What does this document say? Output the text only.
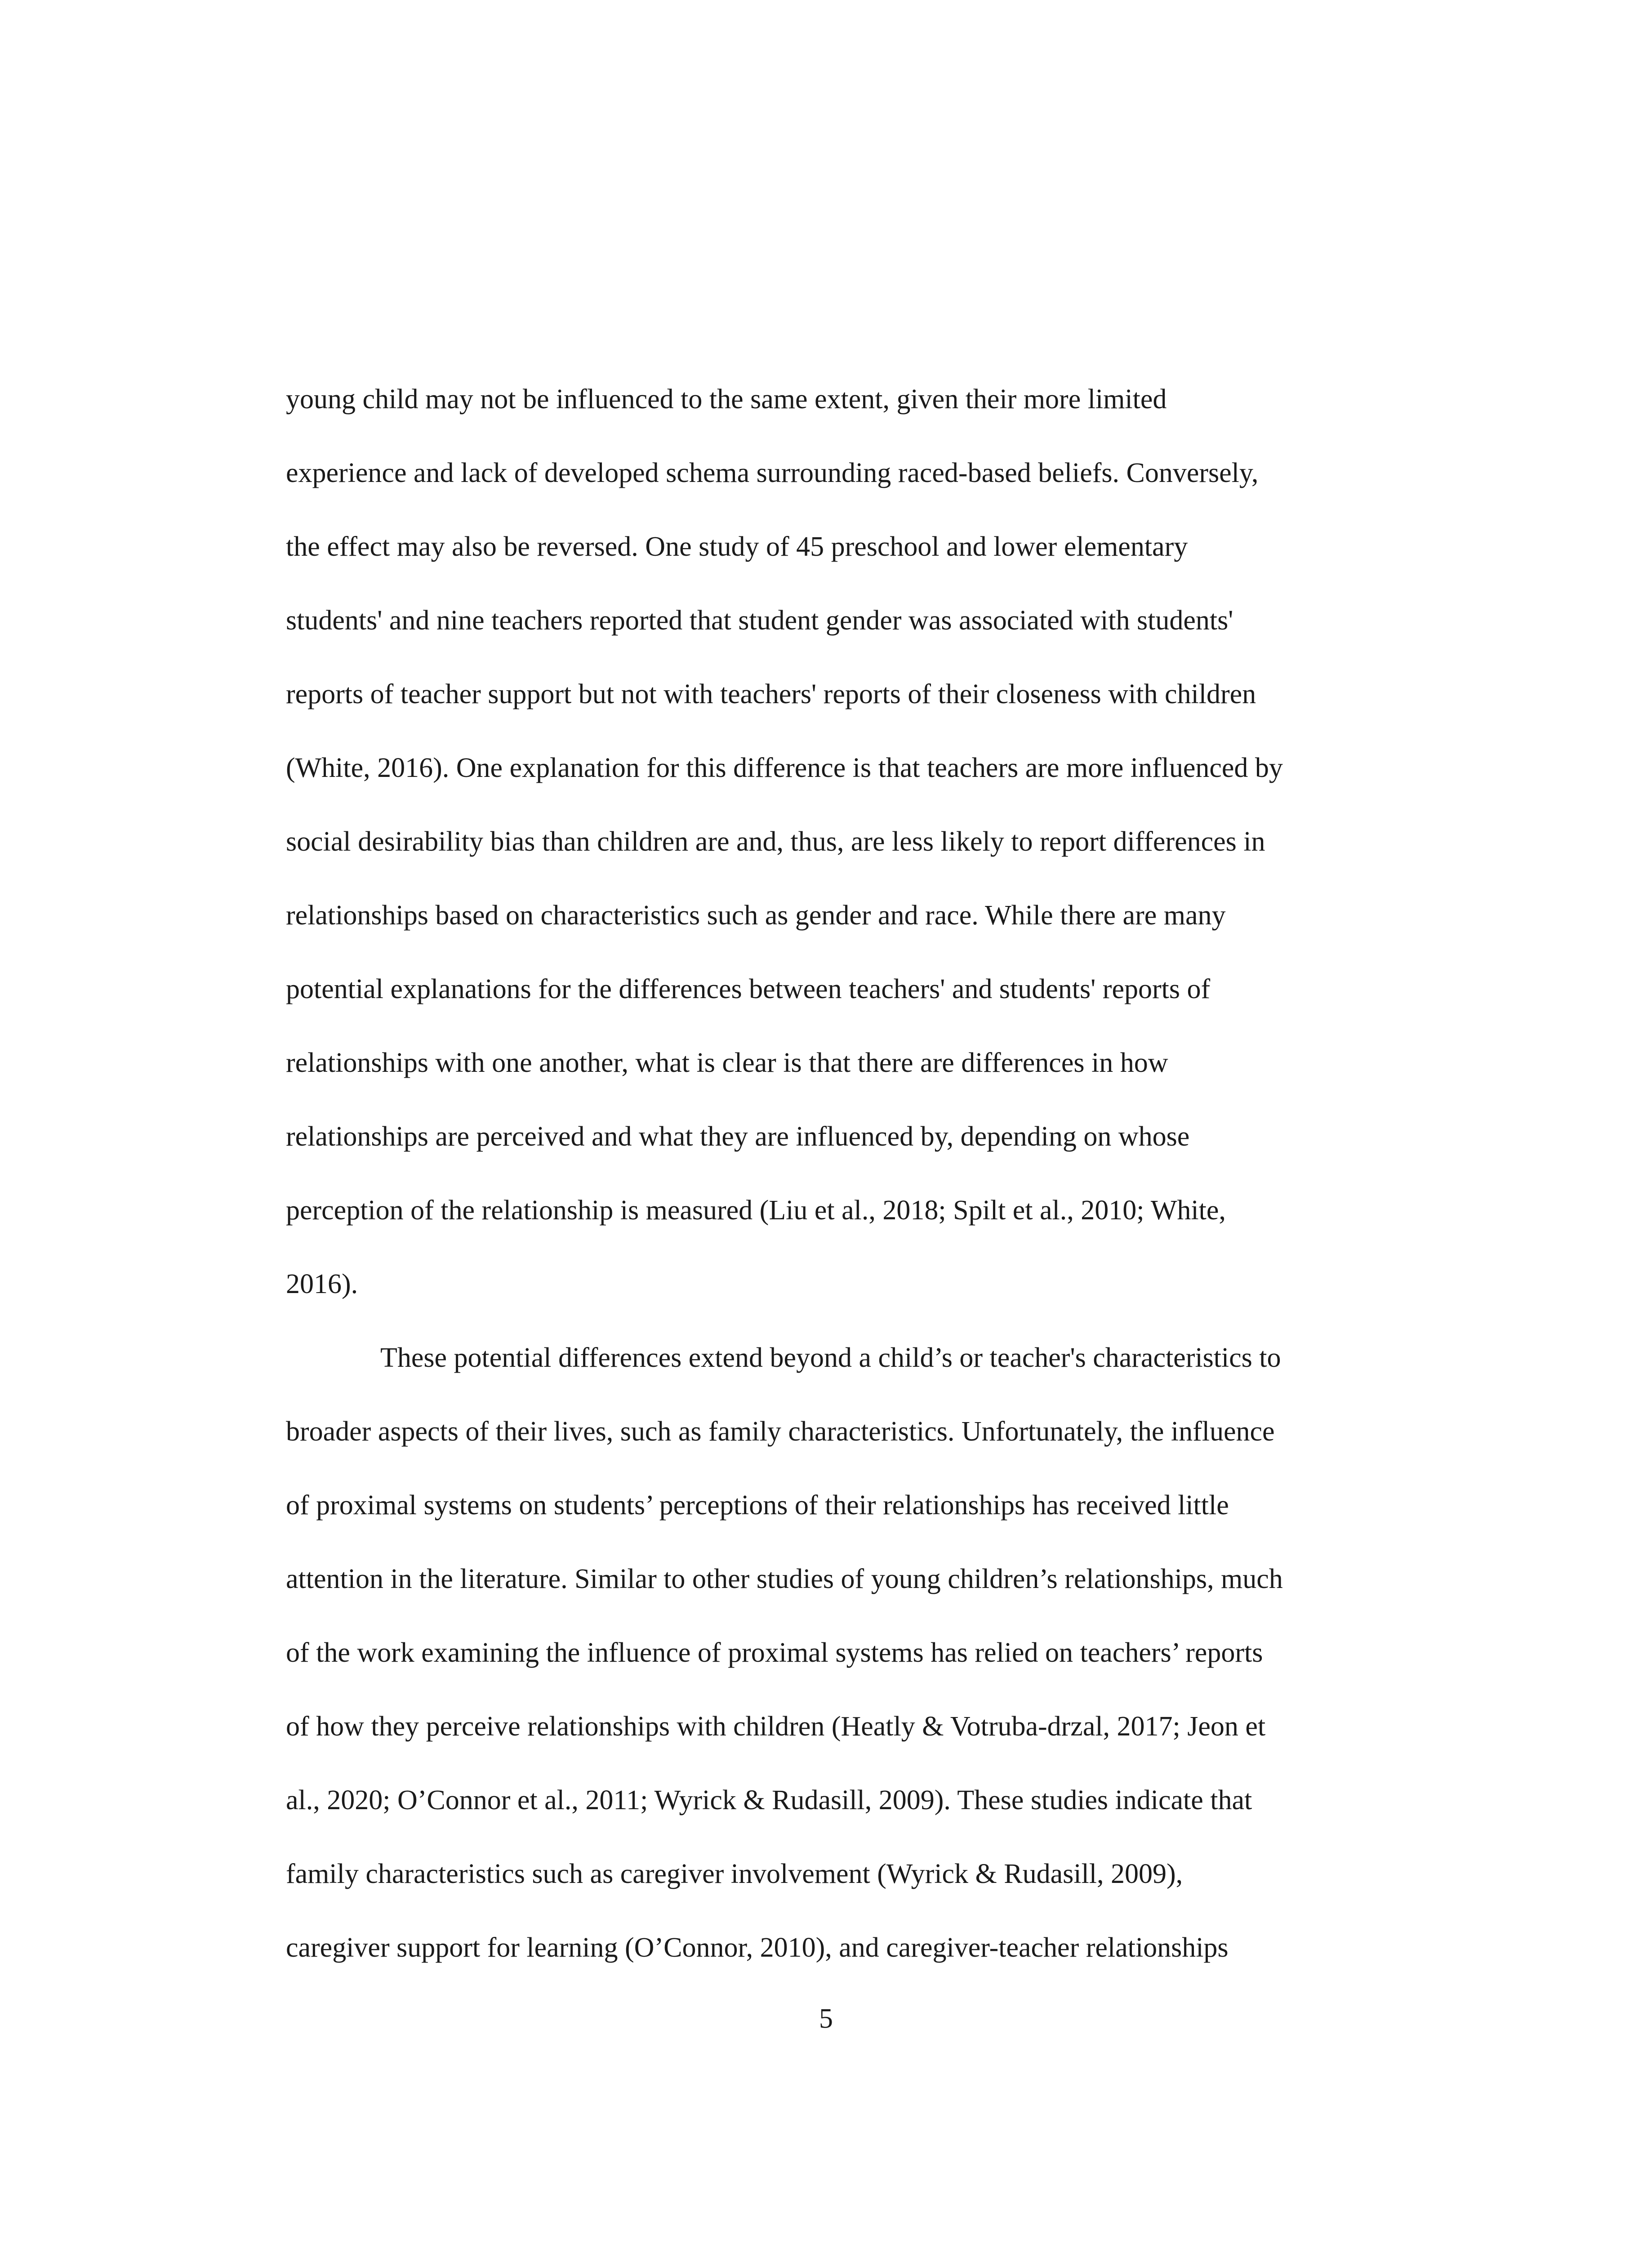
young child may not be influenced to the same extent, given their more limited
experience and lack of developed schema surrounding raced-based beliefs. Conversely,
the effect may also be reversed. One study of 45 preschool and lower elementary
students' and nine teachers reported that student gender was associated with students'
reports of teacher support but not with teachers' reports of their closeness with children
(White, 2016). One explanation for this difference is that teachers are more influenced by
social desirability bias than children are and, thus, are less likely to report differences in
relationships based on characteristics such as gender and race. While there are many
potential explanations for the differences between teachers' and students' reports of
relationships with one another, what is clear is that there are differences in how
relationships are perceived and what they are influenced by, depending on whose
perception of the relationship is measured (Liu et al., 2018; Spilt et al., 2010; White,
2016).
These potential differences extend beyond a child’s or teacher's characteristics to
broader aspects of their lives, such as family characteristics. Unfortunately, the influence
of proximal systems on students’ perceptions of their relationships has received little
attention in the literature. Similar to other studies of young children’s relationships, much
of the work examining the influence of proximal systems has relied on teachers’ reports
of how they perceive relationships with children (Heatly & Votruba-drzal, 2017; Jeon et
al., 2020; O’Connor et al., 2011; Wyrick & Rudasill, 2009). These studies indicate that
family characteristics such as caregiver involvement (Wyrick & Rudasill, 2009),
caregiver support for learning (O’Connor, 2010), and caregiver-teacher relationships
5
